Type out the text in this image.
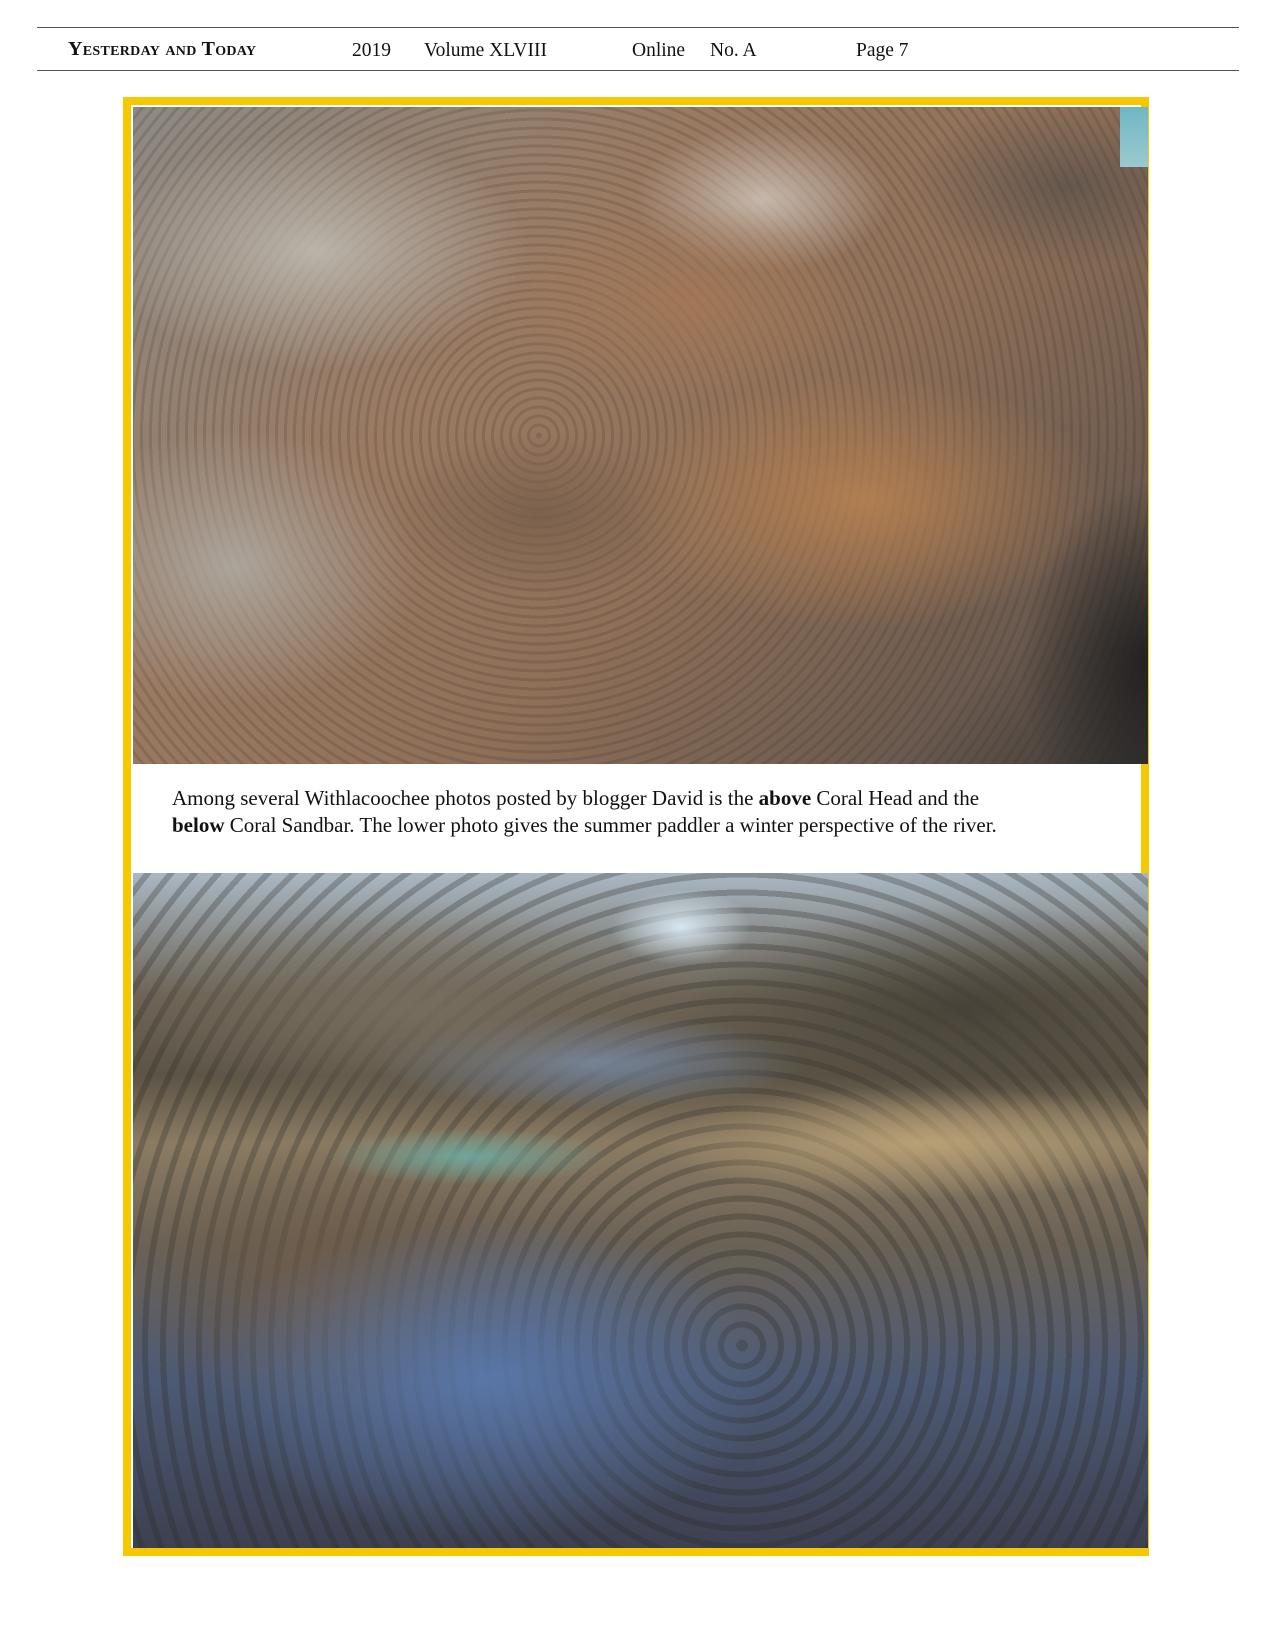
Yesterday and Today	2019 Volume XLVIII	Online No. A	Page 7
Among several Withlacoochee photos posted by blogger David is the above Coral Head and the
below Coral Sandbar. The lower photo gives the summer paddler a winter perspective of the river.
